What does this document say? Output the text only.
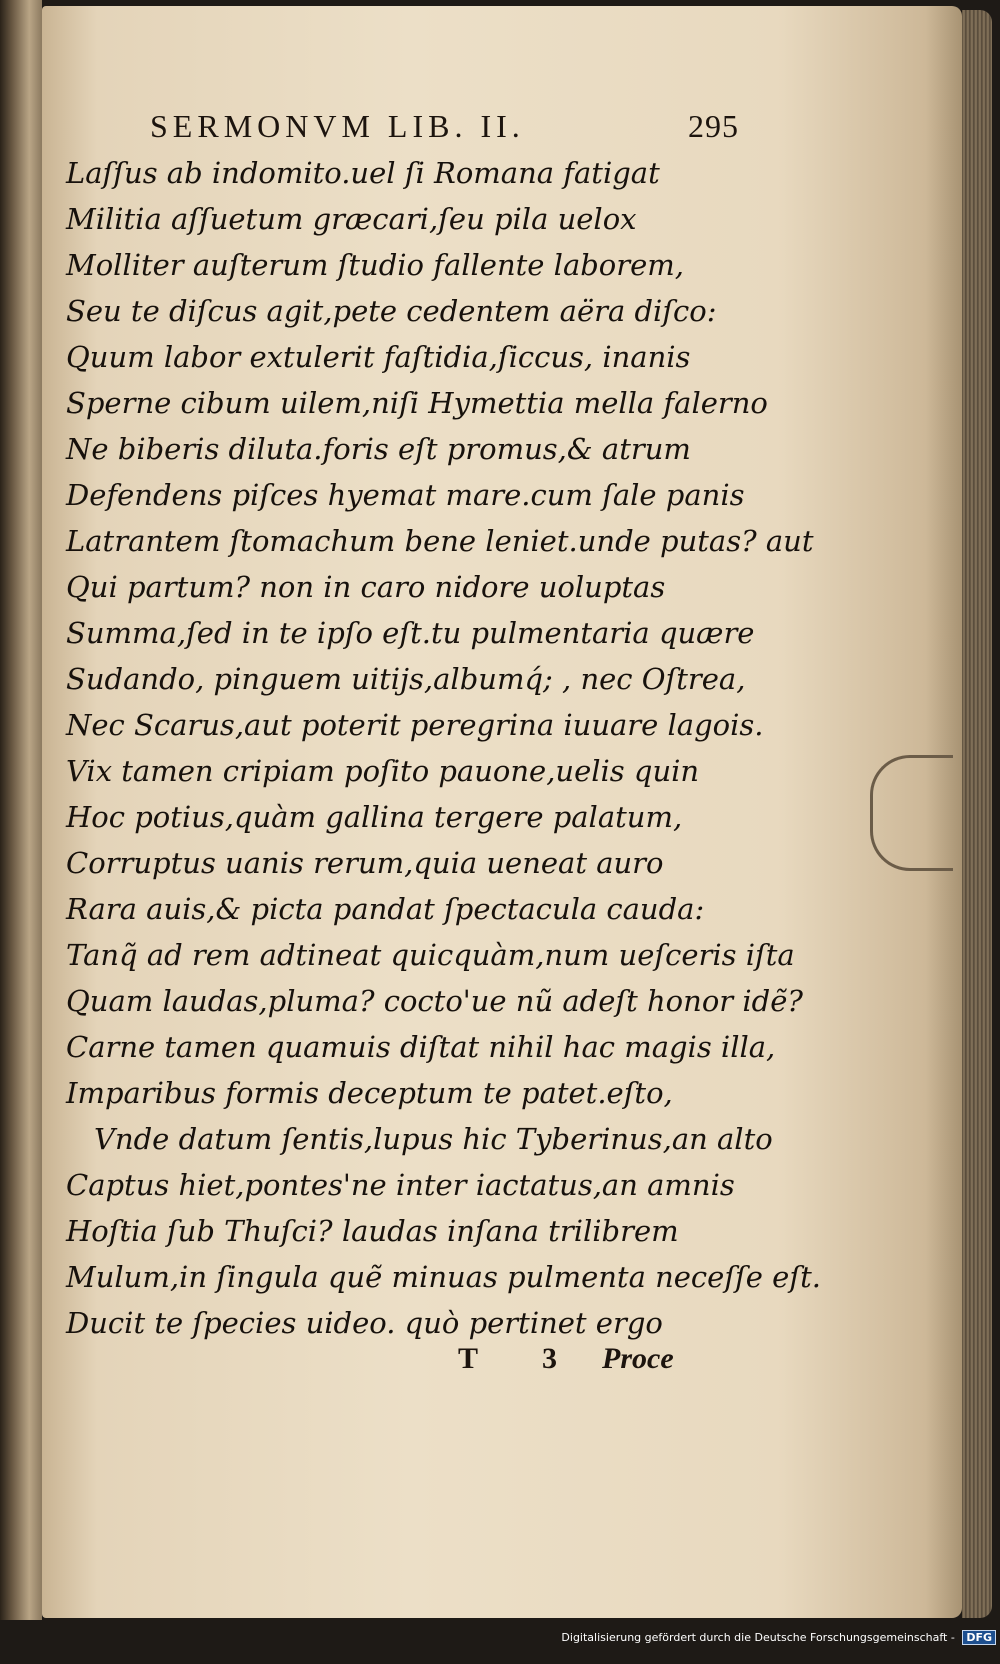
SERMONVM LIB. II.	295
Laſſus ab indomito.uel ſi Romana fatigat
Militia aſſuetum græcari,ſeu pila uelox
Molliter auſterum ſtudio fallente laborem,
Seu te diſcus agit,pete cedentem aëra diſco:
Quum labor extulerit faſtidia,ſiccus, inanis
Sperne cibum uilem,niſi Hymettia mella falerno
Ne biberis diluta.foris eſt promus,& atrum
Defendens piſces hyemat mare.cum ſale panis
Latrantem ſtomachum bene leniet.unde putas? aut
Qui partum? non in caro nidore uoluptas
Summa,ſed in te ipſo eſt.tu pulmentaria quære
Sudando, pinguem uitijs,albumq́; , nec Oſtrea,
Nec Scarus,aut poterit peregrina iuuare lagois.
Vix tamen cripiam poſito pauone,uelis quin
Hoc potius,quàm gallina tergere palatum,
Corruptus uanis rerum,quia ueneat auro
Rara auis,& picta pandat ſpectacula cauda:
Tanq̃ ad rem adtineat quicquàm,num ueſceris iſta
Quam laudas,pluma? cocto'ue nũ adeſt honor idẽ?
Carne tamen quamuis diſtat nihil hac magis illa,
Imparibus formis deceptum te patet.eſto,
Vnde datum ſentis,lupus hic Tyberinus,an alto
Captus hiet,pontes'ne inter iactatus,an amnis
Hoſtia ſub Thuſci? laudas inſana trilibrem
Mulum,in ſingula quẽ minuas pulmenta neceſſe eſt.
Ducit te ſpecies uideo. quò pertinet ergo
T 3 Proce
Digitalisierung gefördert durch die Deutsche Forschungsgemeinschaft - DFG
